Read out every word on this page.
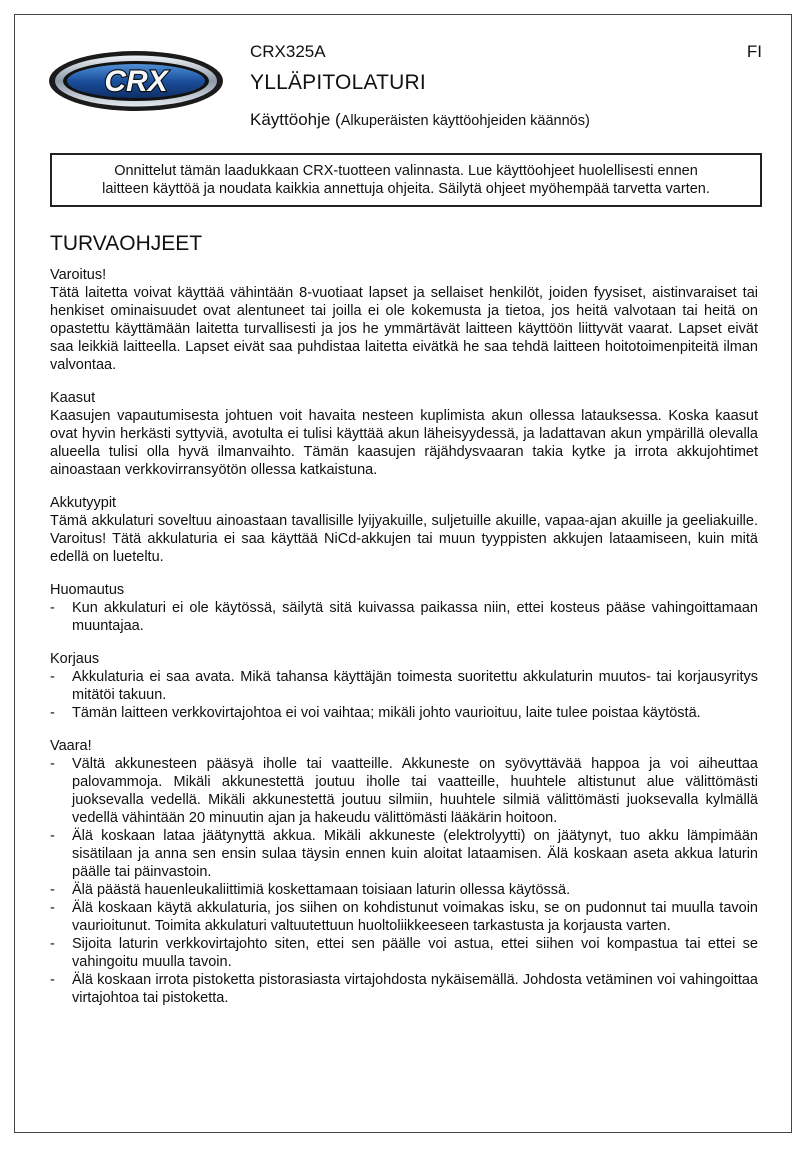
CRX
CRX325A	FI
YLLÄPITOLATURI
Käyttöohje (Alkuperäisten käyttöohjeiden käännös)
Onnittelut tämän laadukkaan CRX-tuotteen valinnasta. Lue käyttöohjeet huolellisesti ennen
laitteen käyttöä ja noudata kaikkia annettuja ohjeita. Säilytä ohjeet myöhempää tarvetta varten.
TURVAOHJEET
Varoitus!

Tätä laitetta voivat käyttää vähintään 8-vuotiaat lapset ja sellaiset henkilöt, joiden fyysiset, aistinvaraiset tai henkiset ominaisuudet ovat alentuneet tai joilla ei ole kokemusta ja tietoa, jos heitä valvotaan tai heitä on opastettu käyttämään laitetta turvallisesti ja jos he ymmärtävät laitteen käyttöön liittyvät vaarat. Lapset eivät saa leikkiä laitteella. Lapset eivät saa puhdistaa laitetta eivätkä he saa tehdä laitteen hoitotoimenpiteitä ilman valvontaa.

Kaasut

Kaasujen vapautumisesta johtuen voit havaita nesteen kuplimista akun ollessa latauksessa. Koska kaasut ovat hyvin herkästi syttyviä, avotulta ei tulisi käyttää akun läheisyydessä, ja ladattavan akun ympärillä olevalla alueella tulisi olla hyvä ilmanvaihto. Tämän kaasujen räjähdysvaaran takia kytke ja irrota akkujohtimet ainoastaan verkkovirransyötön ollessa katkaistuna.

Akkutyypit

Tämä akkulaturi soveltuu ainoastaan tavallisille lyijyakuille, suljetuille akuille, vapaa-ajan akuille ja geeliakuille. Varoitus! Tätä akkulaturia ei saa käyttää NiCd-akkujen tai muun tyyppisten akkujen lataamiseen, kuin mitä edellä on lueteltu.

Huomautus
- Kun akkulaturi ei ole käytössä, säilytä sitä kuivassa paikassa niin, ettei kosteus pääse vahingoittamaan muuntajaa.
Korjaus
- Akkulaturia ei saa avata. Mikä tahansa käyttäjän toimesta suoritettu akkulaturin muutos- tai korjausyritys mitätöi takuun.
- Tämän laitteen verkkovirtajohtoa ei voi vaihtaa; mikäli johto vaurioituu, laite tulee poistaa käytöstä.
Vaara!
- Vältä akkunesteen pääsyä iholle tai vaatteille. Akkuneste on syövyttävää happoa ja voi aiheuttaa palovammoja. Mikäli akkunestettä joutuu iholle tai vaatteille, huuhtele altistunut alue välittömästi juoksevalla vedellä. Mikäli akkunestettä joutuu silmiin, huuhtele silmiä välittömästi juoksevalla kylmällä vedellä vähintään 20 minuutin ajan ja hakeudu välittömästi lääkärin hoitoon.
- Älä koskaan lataa jäätynyttä akkua. Mikäli akkuneste (elektrolyytti) on jäätynyt, tuo akku lämpimään sisätilaan ja anna sen ensin sulaa täysin ennen kuin aloitat lataamisen. Älä koskaan aseta akkua laturin päälle tai päinvastoin.
- Älä päästä hauenleukaliittimiä koskettamaan toisiaan laturin ollessa käytössä.
- Älä koskaan käytä akkulaturia, jos siihen on kohdistunut voimakas isku, se on pudonnut tai muulla tavoin vaurioitunut. Toimita akkulaturi valtuutettuun huoltoliikkeeseen tarkastusta ja korjausta varten.
- Sijoita laturin verkkovirtajohto siten, ettei sen päälle voi astua, ettei siihen voi kompastua tai ettei se vahingoitu muulla tavoin.
- Älä koskaan irrota pistoketta pistorasiasta virtajohdosta nykäisemällä. Johdosta vetäminen voi vahingoittaa virtajohtoa tai pistoketta.
